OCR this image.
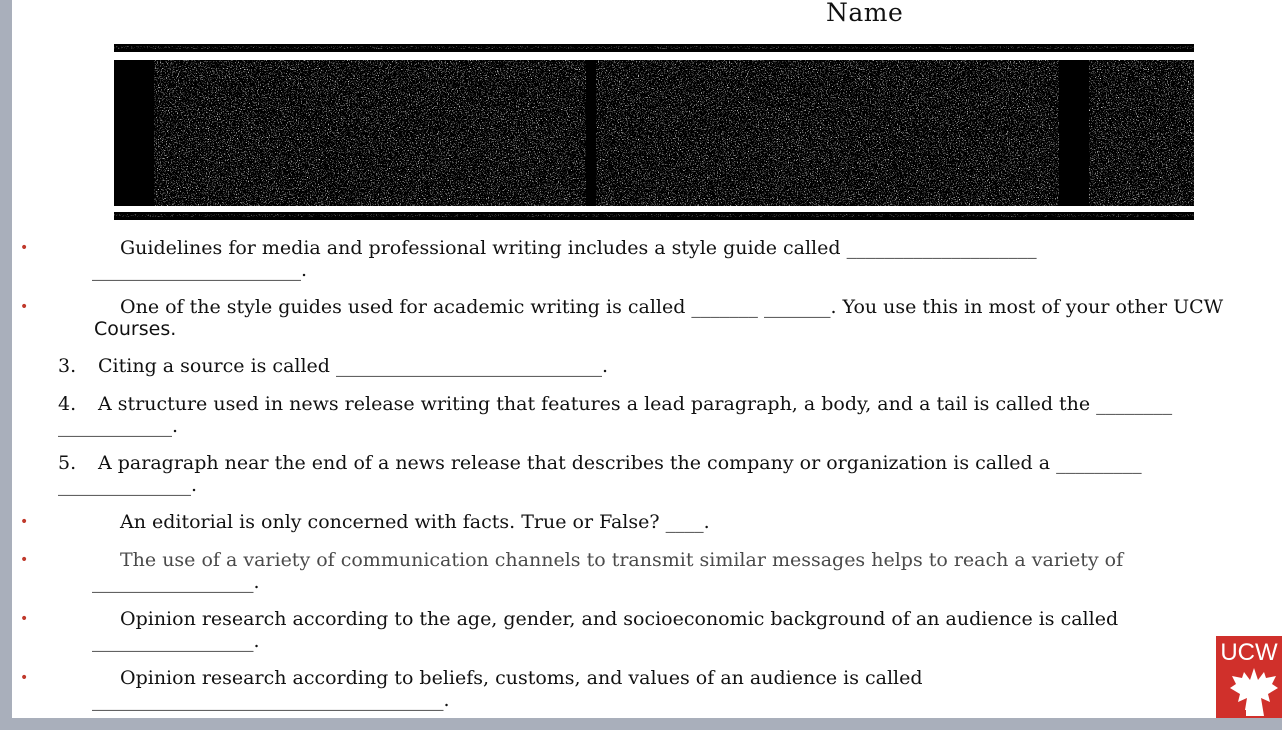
Name
•	Guidelines for media and professional writing includes a style guide called ____________________
______________________.
•	One of the style guides used for academic writing is called _______ _______. You use this in most of your other UCW
Courses.
3. Citing a source is called ____________________________.
4. A structure used in news release writing that features a lead paragraph, a body, and a tail is called the ________
____________.
5. A paragraph near the end of a news release that describes the company or organization is called a _________
______________.
•	An editorial is only concerned with facts. True or False? ____.
•	The use of a variety of communication channels to transmit similar messages helps to reach a variety of
_________________.
•	Opinion research according to the age, gender, and socioeconomic background of an audience is called
_________________.
•	Opinion research according to beliefs, customs, and values of an audience is called
_____________________________________.
UCW
